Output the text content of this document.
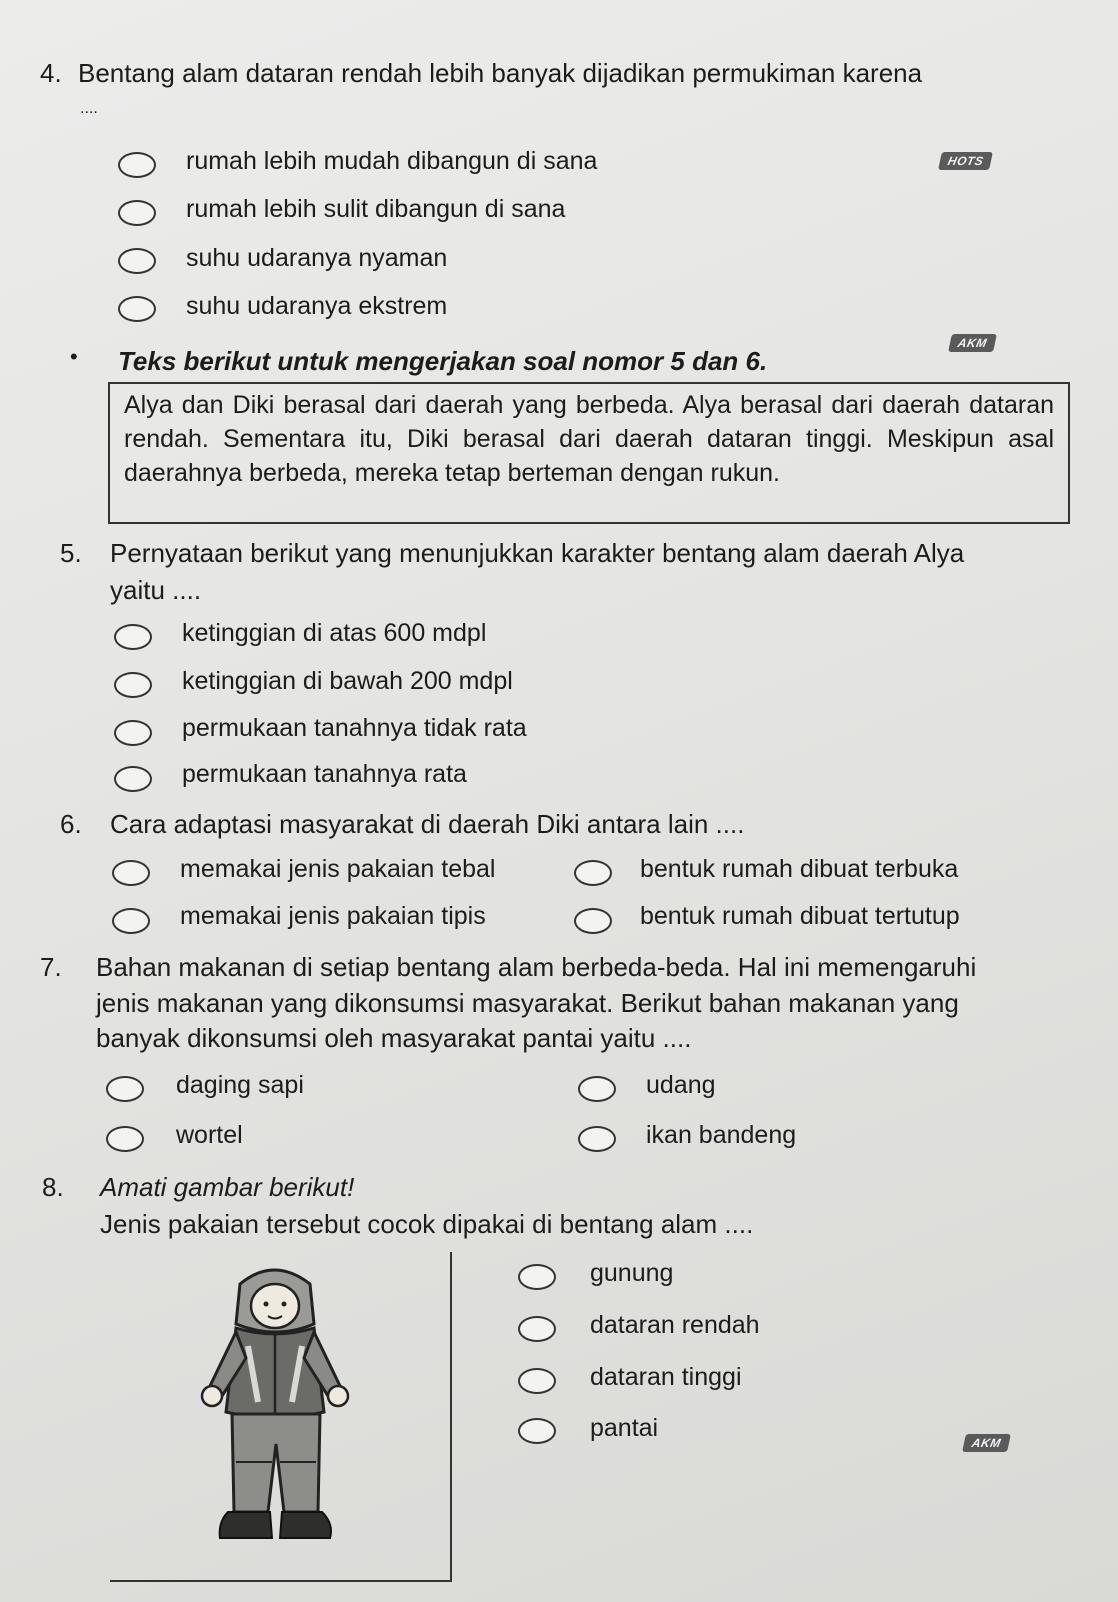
4. Bentang alam dataran rendah lebih banyak dijadikan permukiman karena
....
HOTS
rumah lebih mudah dibangun di sana
rumah lebih sulit dibangun di sana
suhu udaranya nyaman
suhu udaranya ekstrem
AKM
• Teks berikut untuk mengerjakan soal nomor 5 dan 6.
Alya dan Diki berasal dari daerah yang berbeda. Alya berasal dari daerah dataran rendah. Sementara itu, Diki berasal dari daerah dataran tinggi. Meskipun asal daerahnya berbeda, mereka tetap berteman dengan rukun.
5. Pernyataan berikut yang menunjukkan karakter bentang alam daerah Alya
yaitu ....
ketinggian di atas 600 mdpl
ketinggian di bawah 200 mdpl
permukaan tanahnya tidak rata
permukaan tanahnya rata
6. Cara adaptasi masyarakat di daerah Diki antara lain ....
memakai jenis pakaian tebal	bentuk rumah dibuat terbuka
memakai jenis pakaian tipis	bentuk rumah dibuat tertutup
7. Bahan makanan di setiap bentang alam berbeda-beda. Hal ini memengaruhi
jenis makanan yang dikonsumsi masyarakat. Berikut bahan makanan yang
banyak dikonsumsi oleh masyarakat pantai yaitu ....
daging sapi	udang
wortel	ikan bandeng
8. Amati gambar berikut!
Jenis pakaian tersebut cocok dipakai di bentang alam ....
gunung
dataran rendah
dataran tinggi
pantai
AKM
